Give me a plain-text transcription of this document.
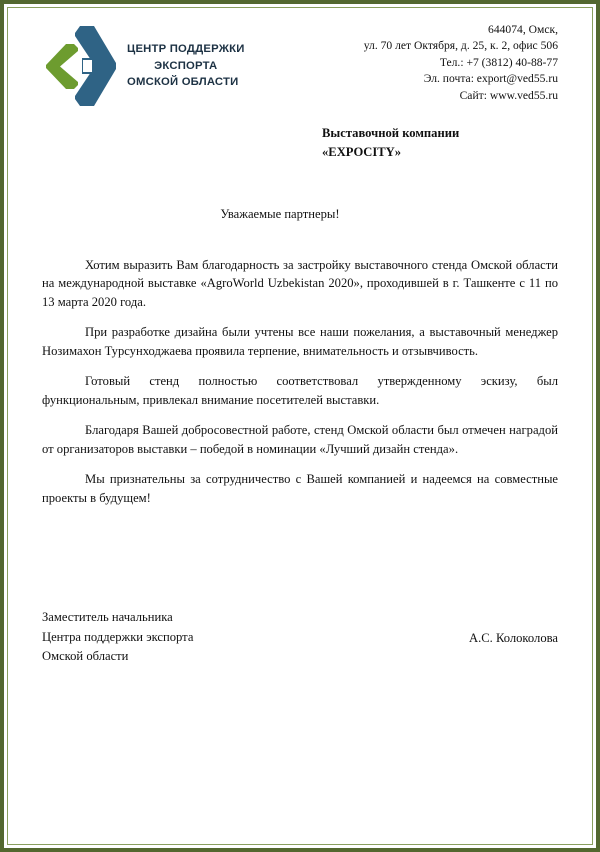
ЦЕНТР ПОДДЕРЖКИ
ЭКСПОРТА
ОМСКОЙ ОБЛАСТИ
644074, Омск,
ул. 70 лет Октября, д. 25, к. 2, офис 506
Тел.: +7 (3812) 40-88-77
Эл. почта: export@ved55.ru
Сайт: www.ved55.ru
Выставочной компании
«EXPOCITY»
Уважаемые партнеры!

Хотим выразить Вам благодарность за застройку выставочного стенда Омской области на международной выставке «AgroWorld Uzbekistan 2020», проходившей в г. Ташкенте с 11 по 13 марта 2020 года.

При разработке дизайна были учтены все наши пожелания, а выставочный менеджер Нозимахон Турсунходжаева проявила терпение, внимательность и отзывчивость.

Готовый стенд полностью соответствовал утвержденному эскизу, был функциональным, привлекал внимание посетителей выставки.

Благодаря Вашей добросовестной работе, стенд Омской области был отмечен наградой от организаторов выставки – победой в номинации «Лучший дизайн стенда».

Мы признательны за сотрудничество с Вашей компанией и надеемся на совместные проекты в будущем!

Заместитель начальника
Центра поддержки экспорта
Омской области
А.С. Колоколова
